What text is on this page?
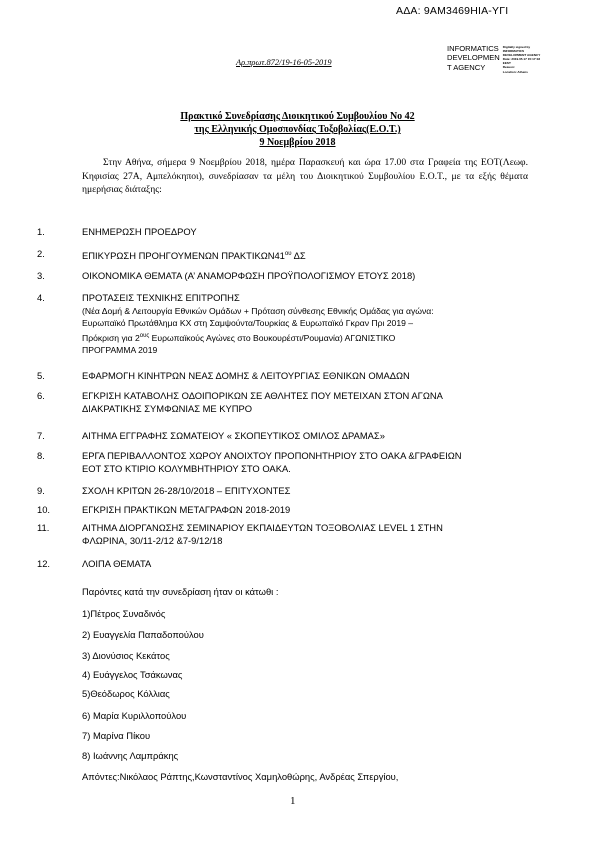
ΑΔΑ: 9ΑΜ3469ΗΙΑ-ΥΓΙ
INFORMATICS
DEVELOPMEN
T AGENCY
Digitally signed by
INFORMATICS
DEVELOPMENT AGENCY
Date: 2019.05.17 15:17:18
EEST
Reason:
Location: Athens
Αρ.πρωτ.872/19-16-05-2019
Πρακτικό Συνεδρίασης Διοικητικού Συμβουλίου Νο 42
της Ελληνικής Ομοσπονδίας Τοξοβολίας(Ε.Ο.Τ.)
9 Νοεμβρίου 2018
Στην Αθήνα, σήμερα 9 Νοεμβρίου 2018, ημέρα Παρασκευή και ώρα 17.00 στα Γραφεία της ΕΟΤ(Λεωφ. Κηφισίας 27Α, Αμπελόκηποι), συνεδρίασαν τα μέλη του Διοικητικού Συμβουλίου Ε.Ο.Τ., με τα εξής θέματα ημερήσιας διάταξης:
1.	ΕΝΗΜΕΡΩΣΗ ΠΡΟΕΔΡΟΥ
2.	ΕΠΙΚΥΡΩΣΗ ΠΡΟΗΓΟΥΜΕΝΩΝ $\Pi PAKTIK\Omega N41^{o\upsilon}$ ΔΣ
3.	ΟΙΚΟΝΟΜΙΚΑ ΘΕΜΑΤΑ (Α’ ΑΝΑΜΟΡΦΩΣΗ ΠΡΟΫΠΟΛΟΓΙΣΜΟΥ ΕΤΟΥΣ 2018)
4.	ΠΡΟΤΑΣΕΙΣ ΤΕΧΝΙΚΗΣ ΕΠΙΤΡΟΠΗΣ
(Νέα Δομή & Λειτουργία Εθνικών Ομάδων + Πρόταση σύνθεσης Εθνικής Ομάδας για αγώνα:
Ευρωπαϊκό Πρωτάθλημα ΚΧ στη Σαμψούντα/Τουρκίας & Ευρωπαϊκό Γκραν Πρι 2019 –
Πρόκριση για $2^{o\upsilon\varsigma}$ Ευρωπαϊκούς Αγώνες στο Βουκουρέστι/Ρουμανία) ΑΓΩΝΙΣΤΙΚΟ
ΠΡΟΓΡΑΜΜΑ 2019
5.	ΕΦΑΡΜΟΓΗ ΚΙΝΗΤΡΩΝ ΝΕΑΣ ΔΟΜΗΣ & ΛΕΙΤΟΥΡΓΙΑΣ ΕΘΝΙΚΩΝ ΟΜΑΔΩΝ
6.	ΕΓΚΡΙΣΗ ΚΑΤΑΒΟΛΗΣ ΟΔΟΙΠΟΡΙΚΩΝ ΣΕ ΑΘΛΗΤΕΣ ΠΟΥ ΜΕΤΕΙΧΑΝ ΣΤΟΝ ΑΓΩΝΑ
ΔΙΑΚΡΑΤΙΚΗΣ ΣΥΜΦΩΝΙΑΣ ΜΕ ΚΥΠΡΟ
7.	ΑΙΤΗΜΑ ΕΓΓΡΑΦΗΣ ΣΩΜΑΤΕΙΟΥ « ΣΚΟΠΕΥΤΙΚΟΣ ΟΜΙΛΟΣ ΔΡΑΜΑΣ»
8.	ΕΡΓΑ ΠΕΡΙΒΑΛΛΟΝΤΟΣ ΧΩΡΟΥ ΑΝΟΙΧΤΟΥ ΠΡΟΠΟΝΗΤΗΡΙΟΥ ΣΤΟ ΟΑΚΑ &ΓΡΑΦΕΙΩΝ
ΕΟΤ ΣΤΟ ΚΤΙΡΙΟ ΚΟΛΥΜΒΗΤΗΡΙΟΥ ΣΤΟ ΟΑΚΑ.
9.	ΣΧΟΛΗ ΚΡΙΤΩΝ 26-28/10/2018 – ΕΠΙΤΥΧΟΝΤΕΣ
10.	ΕΓΚΡΙΣΗ ΠΡΑΚΤΙΚΩΝ ΜΕΤΑΓΡΑΦΩΝ 2018-2019
11.	ΑΙΤΗΜΑ ΔΙΟΡΓΑΝΩΣΗΣ ΣΕΜΙΝΑΡΙΟΥ ΕΚΠΑΙΔΕΥΤΩΝ ΤΟΞΟΒΟΛΙΑΣ LEVEL 1 ΣΤΗΝ
ΦΛΩΡΙΝΑ, 30/11-2/12 &7-9/12/18
12.	ΛΟΙΠΑ ΘΕΜΑΤΑ
Παρόντες κατά την συνεδρίαση ήταν οι κάτωθι :
1)Πέτρος Συναδινός
2) Ευαγγελία Παπαδοπούλου
3) Διονύσιος Κεκάτος
4) Ευάγγελος Τσάκωνας
5)Θεόδωρος Κόλλιας
6) Μαρία Κυριλλοπούλου
7) Μαρίνα Πίκου
8) Ιωάννης Λαμπράκης
Απόντες:Νικόλαος Ράπτης,Κωνσταντίνος Χαμηλοθώρης, Ανδρέας Σπεργίου,
1
